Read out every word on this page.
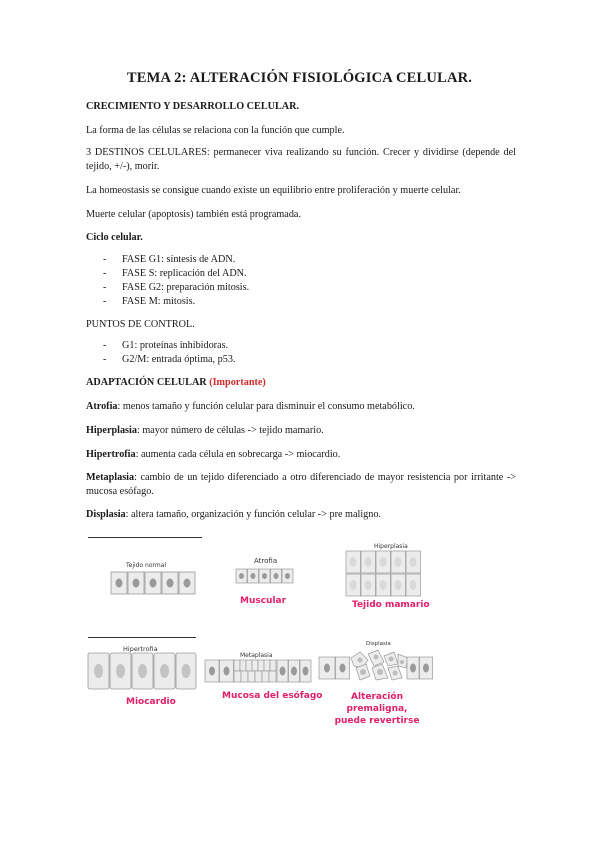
TEMA 2: ALTERACIÓN FISIOLÓGICA CELULAR.
CRECIMIENTO Y DESARROLLO CELULAR.
La forma de las células se relaciona con la función que cumple.
3 DESTINOS CELULARES: permanecer viva realizando su función. Crecer y dividirse (depende del tejido, +/-), morir.
La homeostasis se consigue cuando existe un equilibrio entre proliferación y muerte celular.
Muerte celular (apoptosis) también está programada.
Ciclo celular.
- FASE G1: síntesis de ADN.
- FASE S: replicación del ADN.
- FASE G2: preparación mitosis.
- FASE M: mitosis.
PUNTOS DE CONTROL.
- G1: proteínas inhibidoras.
- G2/M: entrada óptima, p53.
ADAPTACIÓN CELULAR (Importante)
Atrofia: menos tamaño y función celular para disminuir el consumo metabólico.
Hiperplasia: mayor número de células -> tejido mamario.
Hipertrofia: aumenta cada célula en sobrecarga -> miocardio.
Metaplasia: cambio de un tejido diferenciado a otro diferenciado de mayor resistencia por irritante -> mucosa esófago.
Displasia: altera tamaño, organización y función celular -> pre maligno.
Tejido normal
Atrofia
Muscular
Hiperplasia
Tejido mamario
Hipertrofia
Miocardio
Metaplasia
Mucosa del esófago
Displasia
Alteración premaligna, puede revertirse
